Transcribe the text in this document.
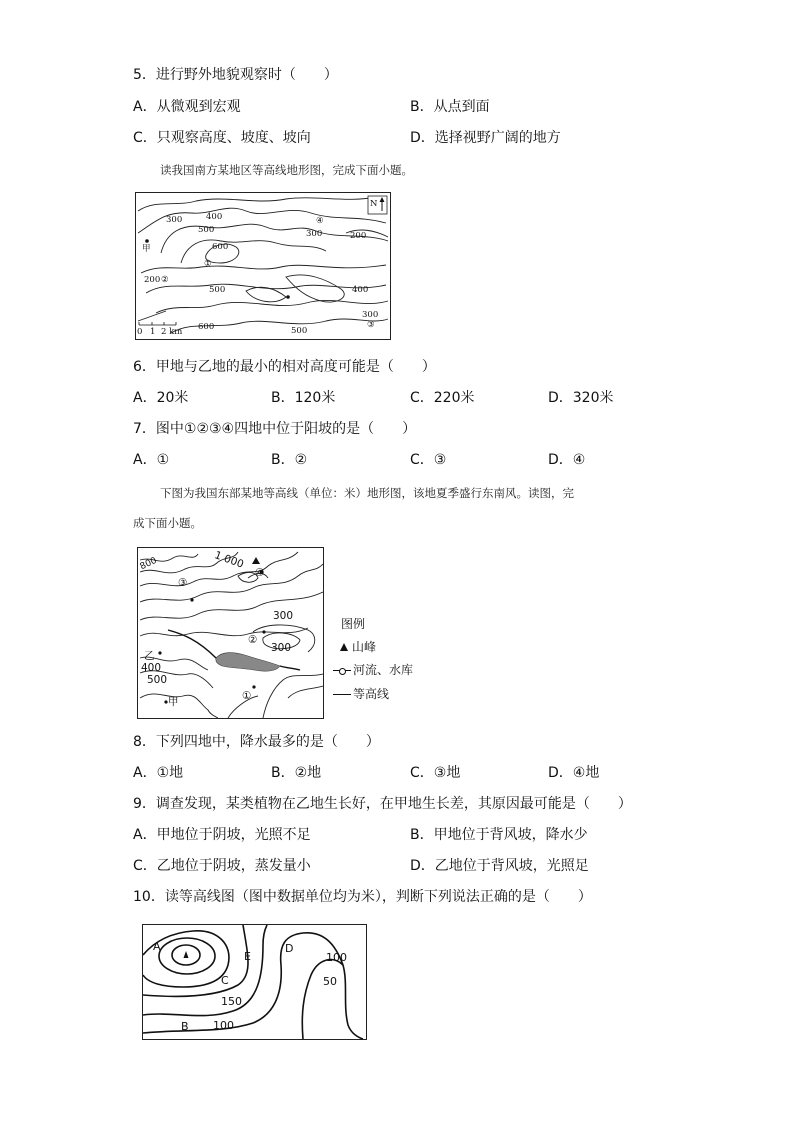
5．进行野外地貌观察时（　　）
A．从微观到宏观	B．从点到面
C．只观察高度、坡度、坡向	D．选择视野广阔的地方
读我国南方某地区等高线地形图，完成下面小题。
300	400
500
600
④
300	200
甲
①
200 ②
500	400
300
③
500
600
0 1 2 km
N
6．甲地与乙地的最小的相对高度可能是（　　）
A．20米	B．120米	C．220米	D．320米
7．图中①②③④四地中位于阳坡的是（　　）
A．①	B．②	C．③	D．④
下图为我国东部某地等高线（单位：米）地形图，该地夏季盛行东南风。读图，完
成下面小题。
800	1 000
④
③
300
②
300
乙
400
500
甲	①
图例
山峰
河流、水库
等高线
8．下列四地中，降水最多的是（　　）
A．①地	B．②地	C．③地	D．④地
9．调查发现，某类植物在乙地生长好，在甲地生长差，其原因最可能是（　　）
A．甲地位于阴坡，光照不足	B．甲地位于背风坡，降水少
C．乙地位于阴坡，蒸发量小	D．乙地位于背风坡，光照足
10．读等高线图（图中数据单位均为米），判断下列说法正确的是（　　）
A
E
C
D
100
50
150
B 100
